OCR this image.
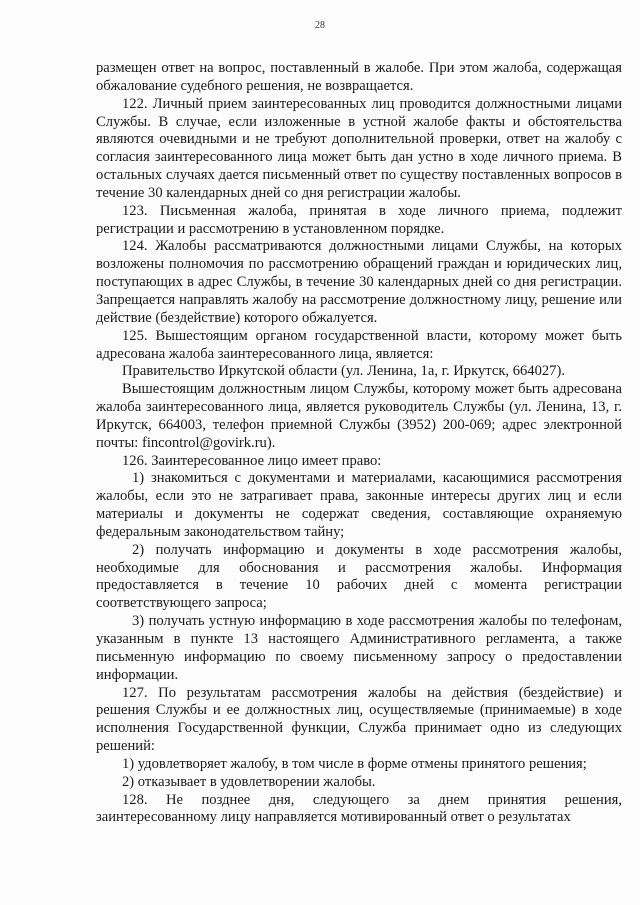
28

размещен ответ на вопрос, поставленный в жалобе. При этом жалоба, содержащая обжалование судебного решения, не возвращается.

122. Личный прием заинтересованных лиц проводится должностными лицами Службы. В случае, если изложенные в устной жалобе факты и обстоятельства являются очевидными и не требуют дополнительной проверки, ответ на жалобу с согласия заинтересованного лица может быть дан устно в ходе личного приема. В остальных случаях дается письменный ответ по существу поставленных вопросов в течение 30 календарных дней со дня регистрации жалобы.

123. Письменная жалоба, принятая в ходе личного приема, подлежит регистрации и рассмотрению в установленном порядке.

124. Жалобы рассматриваются должностными лицами Службы, на которых возложены полномочия по рассмотрению обращений граждан и юридических лиц, поступающих в адрес Службы, в течение 30 календарных дней со дня регистрации. Запрещается направлять жалобу на рассмотрение должностному лицу, решение или действие (бездействие) которого обжалуется.

125. Вышестоящим органом государственной власти, которому может быть адресована жалоба заинтересованного лица, является:

Правительство Иркутской области (ул. Ленина, 1а, г. Иркутск, 664027).

Вышестоящим должностным лицом Службы, которому может быть адресована жалоба заинтересованного лица, является руководитель Службы (ул. Ленина, 13, г. Иркутск, 664003, телефон приемной Службы (3952) 200-069; адрес электронной почты: fincontrol@govirk.ru).

126. Заинтересованное лицо имеет право:

1) знакомиться с документами и материалами, касающимися рассмотрения жалобы, если это не затрагивает права, законные интересы других лиц и если материалы и документы не содержат сведения, составляющие охраняемую федеральным законодательством тайну;

2) получать информацию и документы в ходе рассмотрения жалобы, необходимые для обоснования и рассмотрения жалобы. Информация предоставляется в течение 10 рабочих дней с момента регистрации соответствующего запроса;

3) получать устную информацию в ходе рассмотрения жалобы по телефонам, указанным в пункте 13 настоящего Административного регламента, а также письменную информацию по своему письменному запросу о предоставлении информации.

127. По результатам рассмотрения жалобы на действия (бездействие) и решения Службы и ее должностных лиц, осуществляемые (принимаемые) в ходе исполнения Государственной функции, Служба принимает одно из следующих решений:

1) удовлетворяет жалобу, в том числе в форме отмены принятого решения;

2) отказывает в удовлетворении жалобы.

128. Не позднее дня, следующего за днем принятия решения, заинтересованному лицу направляется мотивированный ответ о результатах
